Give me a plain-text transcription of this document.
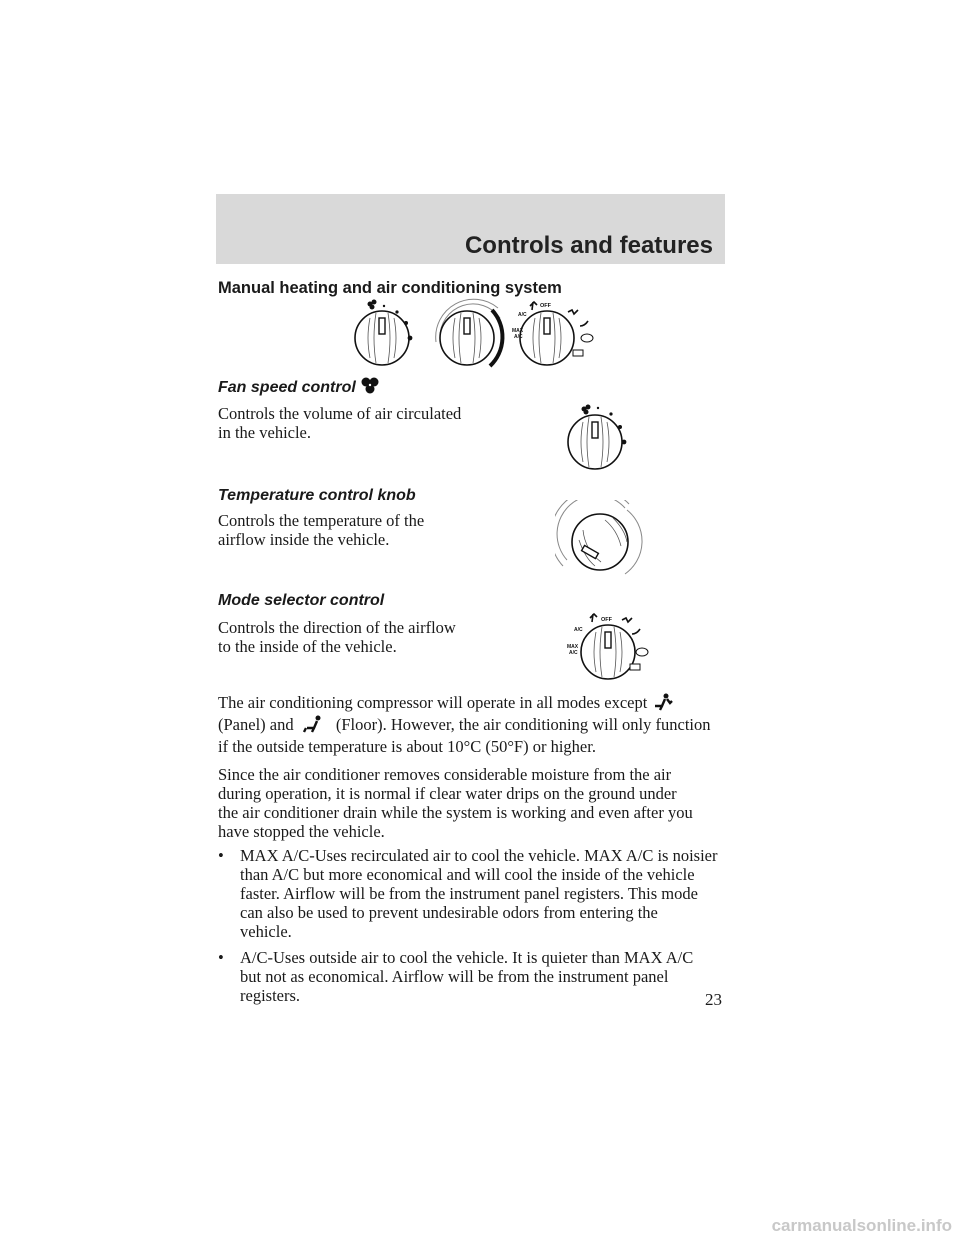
Controls and features
Manual heating and air conditioning system
OFF
A/C
MAX
A/C
Fan speed control
Controls the volume of air circulated
in the vehicle.
Temperature control knob
Controls the temperature of the
airflow inside the vehicle.
Mode selector control
Controls the direction of the airflow
to the inside of the vehicle.
OFF
A/C
MAX
A/C
The air conditioning compressor will operate in all modes except
(Panel) and	(Floor). However, the air conditioning will only function
if the outside temperature is about 10°C (50°F) or higher.
Since the air conditioner removes considerable moisture from the air
during operation, it is normal if clear water drips on the ground under
the air conditioner drain while the system is working and even after you
have stopped the vehicle.
• MAX A/C-Uses recirculated air to cool the vehicle. MAX A/C is noisier
than A/C but more economical and will cool the inside of the vehicle
faster. Airflow will be from the instrument panel registers. This mode
can also be used to prevent undesirable odors from entering the
vehicle.
• A/C-Uses outside air to cool the vehicle. It is quieter than MAX A/C
but not as economical. Airflow will be from the instrument panel
registers.	23
carmanualsonline.info
